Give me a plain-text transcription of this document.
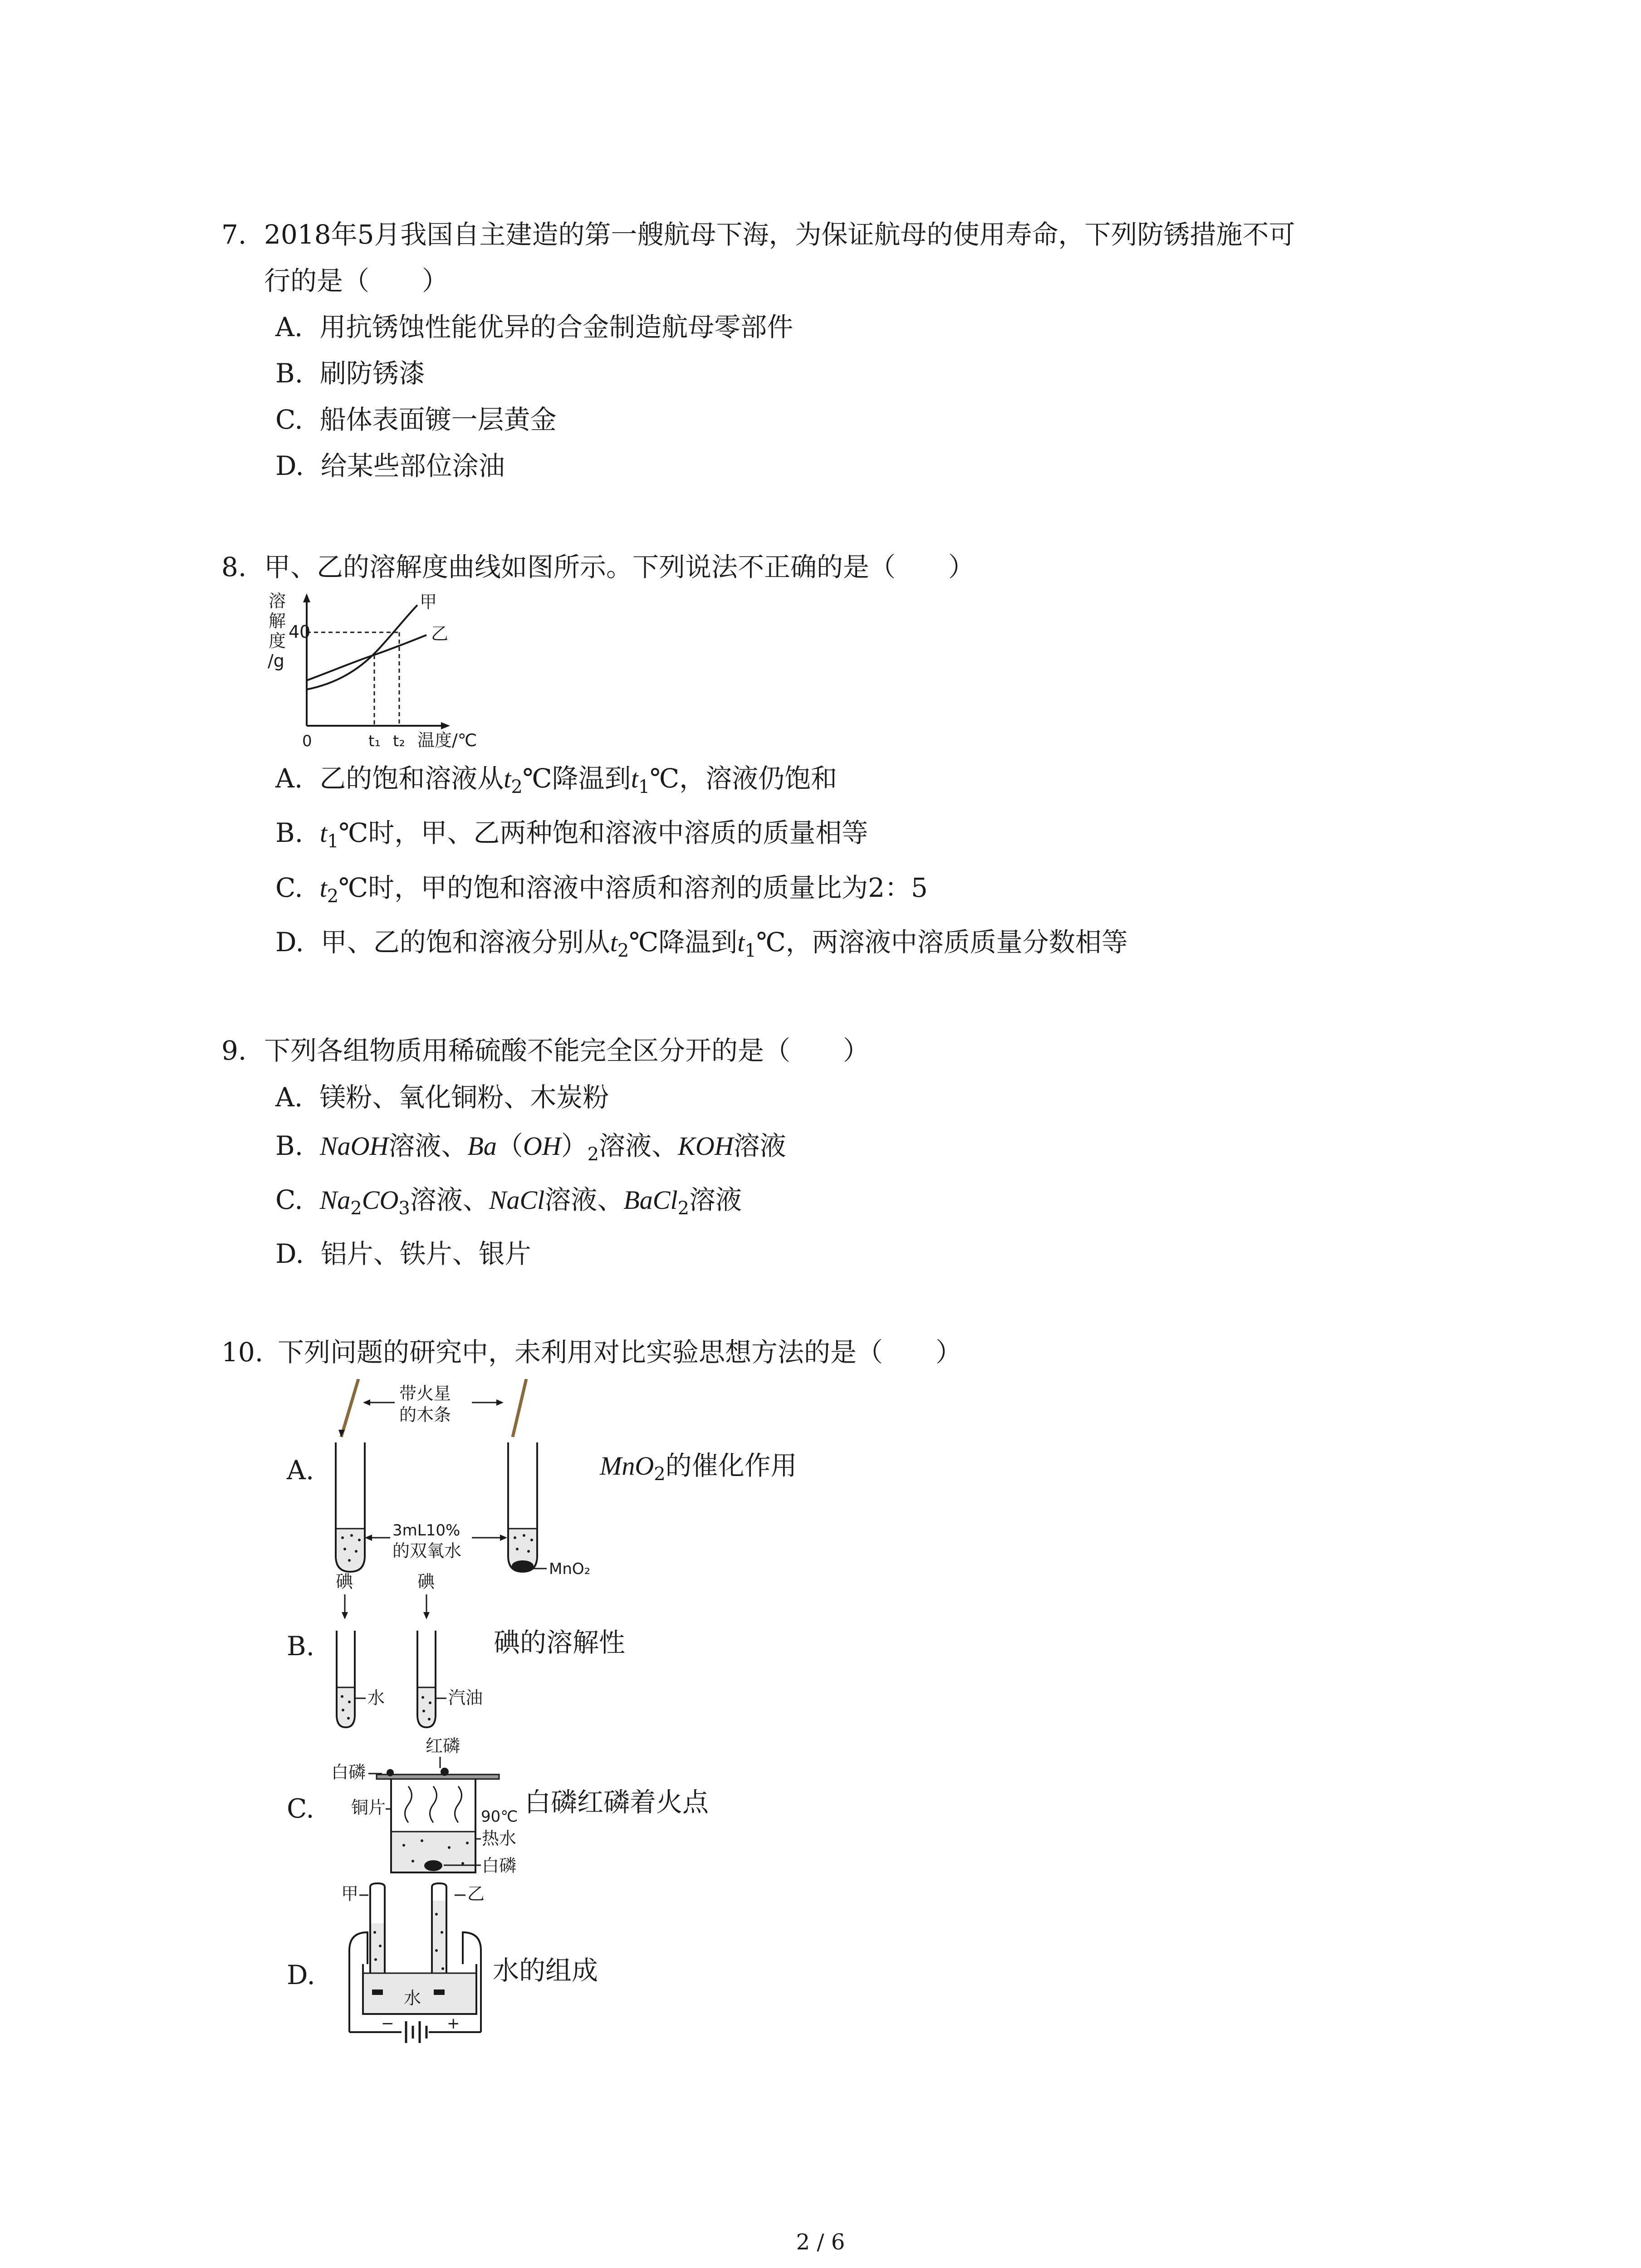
7. 2018年5月我国自主建造的第一艘航母下海，为保证航母的使用寿命，下列防锈措施不可
行的是（　　）
A. 用抗锈蚀性能优异的合金制造航母零部件
B. 刷防锈漆
C. 船体表面镀一层黄金
D. 给某些部位涂油
8. 甲、乙的溶解度曲线如图所示。下列说法不正确的是（　　）
溶
解
度
/g
40
甲
乙
0	t₁ t₂ 温度/℃
A. 乙的饱和溶液从$t_2℃$降温到$t_1℃$，溶液仍饱和
B. $t_1℃$时，甲、乙两种饱和溶液中溶质的质量相等
C. $t_2℃$时，甲的饱和溶液中溶质和溶剂的质量比为2：5
D. 甲、乙的饱和溶液分别从$t_2℃$降温到$t_1℃$，两溶液中溶质质量分数相等
9. 下列各组物质用稀硫酸不能完全区分开的是（　　）
A. 镁粉、氧化铜粉、木炭粉
B. NaOH溶液、$Ba(OH)_2$溶液、KOH溶液
C. $Na_2CO_3$溶液、NaCl溶液、BaCl$_2$溶液
D. 铝片、铁片、银片
10. 下列问题的研究中，未利用对比实验思想方法的是（　　）
A.
带火星
的木条
3mL10%
的双氧水
MnO₂
MnO$_2$的催化作用
B.
碘	碘
水	汽油
碘的溶解性
C.
红磷
白磷
铜片	90℃
热水
白磷
白磷红磷着火点
D.
甲	乙
水
−	+
水的组成
2 / 6
